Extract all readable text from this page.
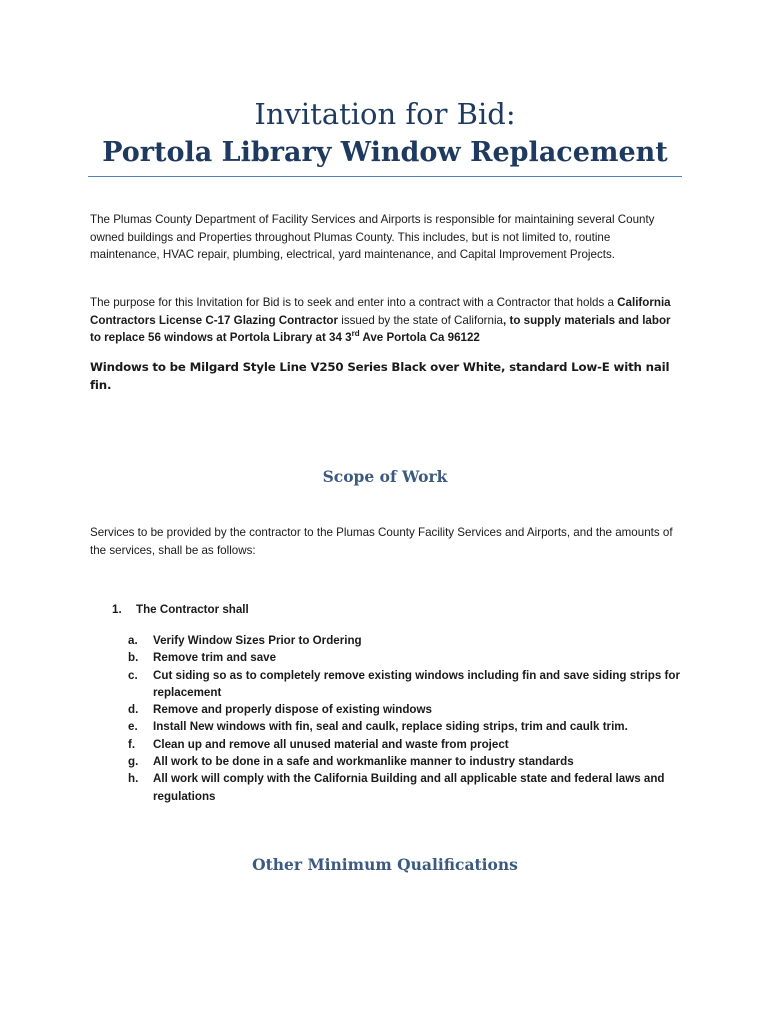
Invitation for Bid:

Portola Library Window Replacement

The Plumas County Department of Facility Services and Airports is responsible for maintaining several County owned buildings and Properties throughout Plumas County. This includes, but is not limited to, routine maintenance, HVAC repair, plumbing, electrical, yard maintenance, and Capital Improvement Projects.

The purpose for this Invitation for Bid is to seek and enter into a contract with a Contractor that holds a California Contractors License C-17 Glazing Contractor issued by the state of California, to supply materials and labor to replace 56 windows at Portola Library at 34 3rd Ave Portola Ca 96122

Windows to be Milgard Style Line V250 Series Black over White, standard Low-E with nail fin.

Scope of Work

Services to be provided by the contractor to the Plumas County Facility Services and Airports, and the amounts of the services, shall be as follows:

1. The Contractor shall
a.	Verify Window Sizes Prior to Ordering
b.	Remove trim and save
c.	Cut siding so as to completely remove existing windows including fin and save siding strips for replacement
d.	Remove and properly dispose of existing windows
e.	Install New windows with fin, seal and caulk, replace siding strips, trim and caulk trim.
f.	Clean up and remove all unused material and waste from project
g.	All work to be done in a safe and workmanlike manner to industry standards
h.	All work will comply with the California Building and all applicable state and federal laws and regulations
Other Minimum Qualifications
